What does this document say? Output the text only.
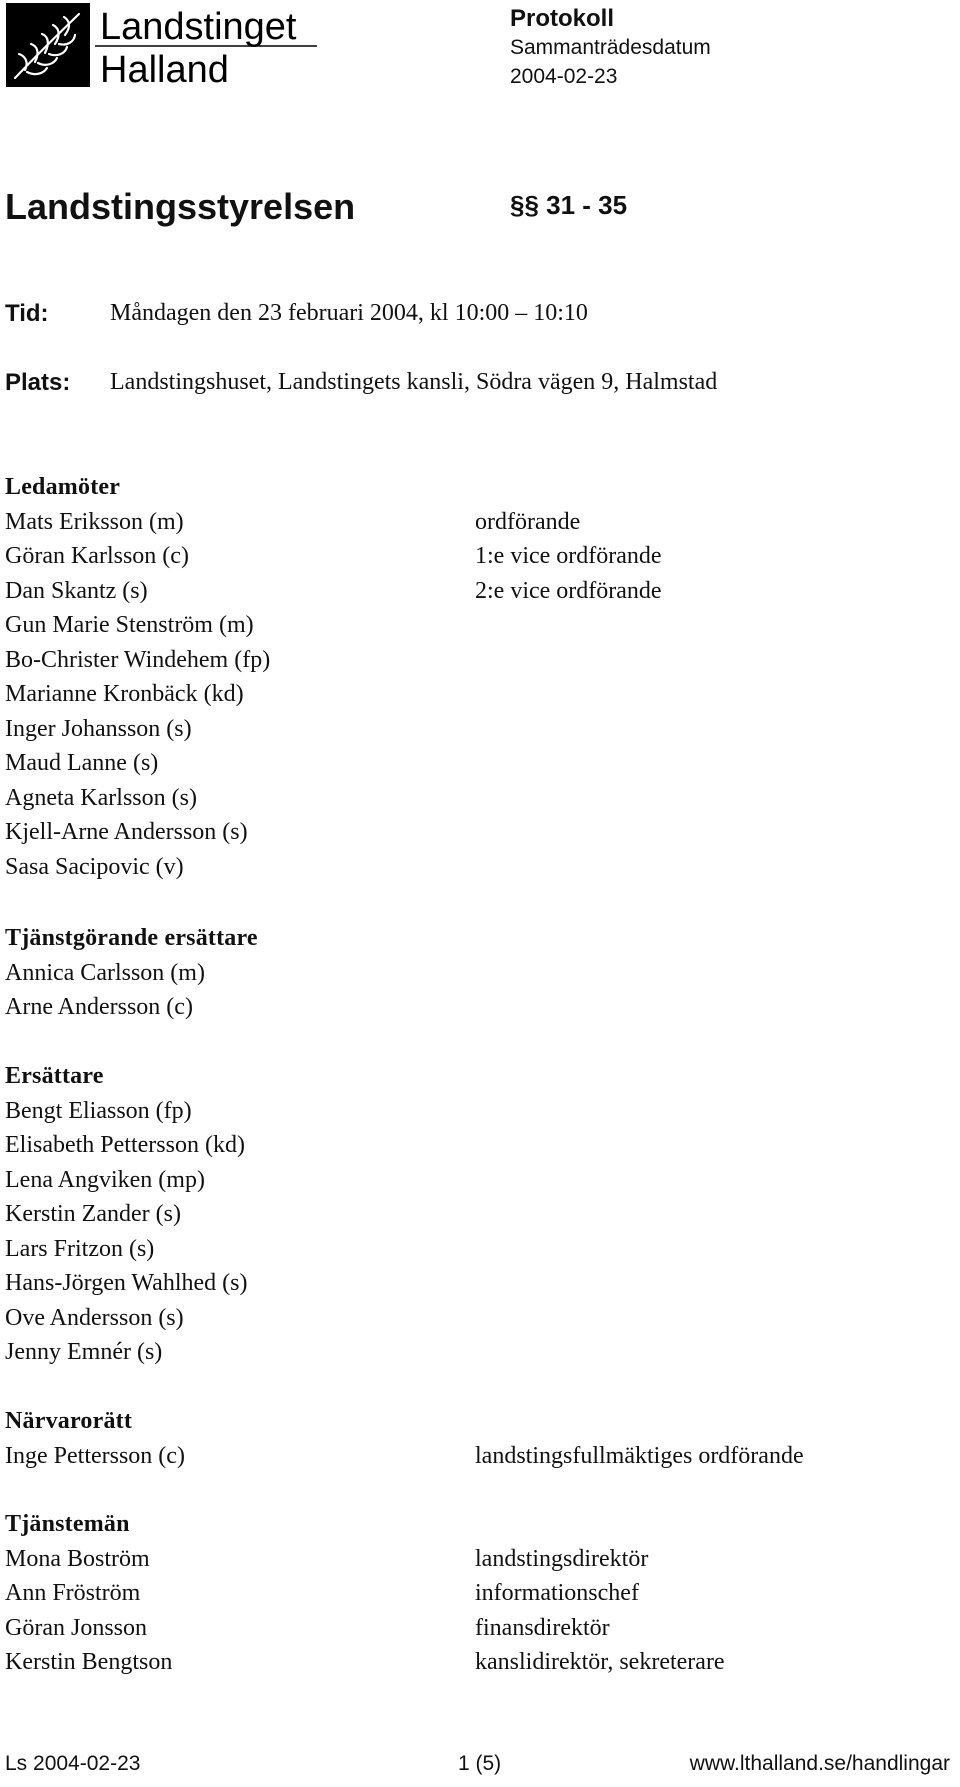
Landstinget
Halland
Protokoll
Sammanträdesdatum
2004-02-23
Landstingsstyrelsen	§§ 31 - 35
Tid:	Måndagen den 23 februari 2004, kl 10:00 – 10:10
Plats:	Landstingshuset, Landstingets kansli, Södra vägen 9, Halmstad
Ledamöter
Mats Eriksson (m)	ordförande
Göran Karlsson (c)	1:e vice ordförande
Dan Skantz (s)	2:e vice ordförande
Gun Marie Stenström (m)
Bo-Christer Windehem (fp)
Marianne Kronbäck (kd)
Inger Johansson (s)
Maud Lanne (s)
Agneta Karlsson (s)
Kjell-Arne Andersson (s)
Sasa Sacipovic (v)
Tjänstgörande ersättare
Annica Carlsson (m)
Arne Andersson (c)
Ersättare
Bengt Eliasson (fp)
Elisabeth Pettersson (kd)
Lena Angviken (mp)
Kerstin Zander (s)
Lars Fritzon (s)
Hans-Jörgen Wahlhed (s)
Ove Andersson (s)
Jenny Emnér (s)
Närvarorätt
Inge Pettersson (c)	landstingsfullmäktiges ordförande
Tjänstemän
Mona Boström	landstingsdirektör
Ann Fröström	informationschef
Göran Jonsson	finansdirektör
Kerstin Bengtson	kanslidirektör, sekreterare
Ls 2004-02-23	1 (5)	www.lthalland.se/handlingar
